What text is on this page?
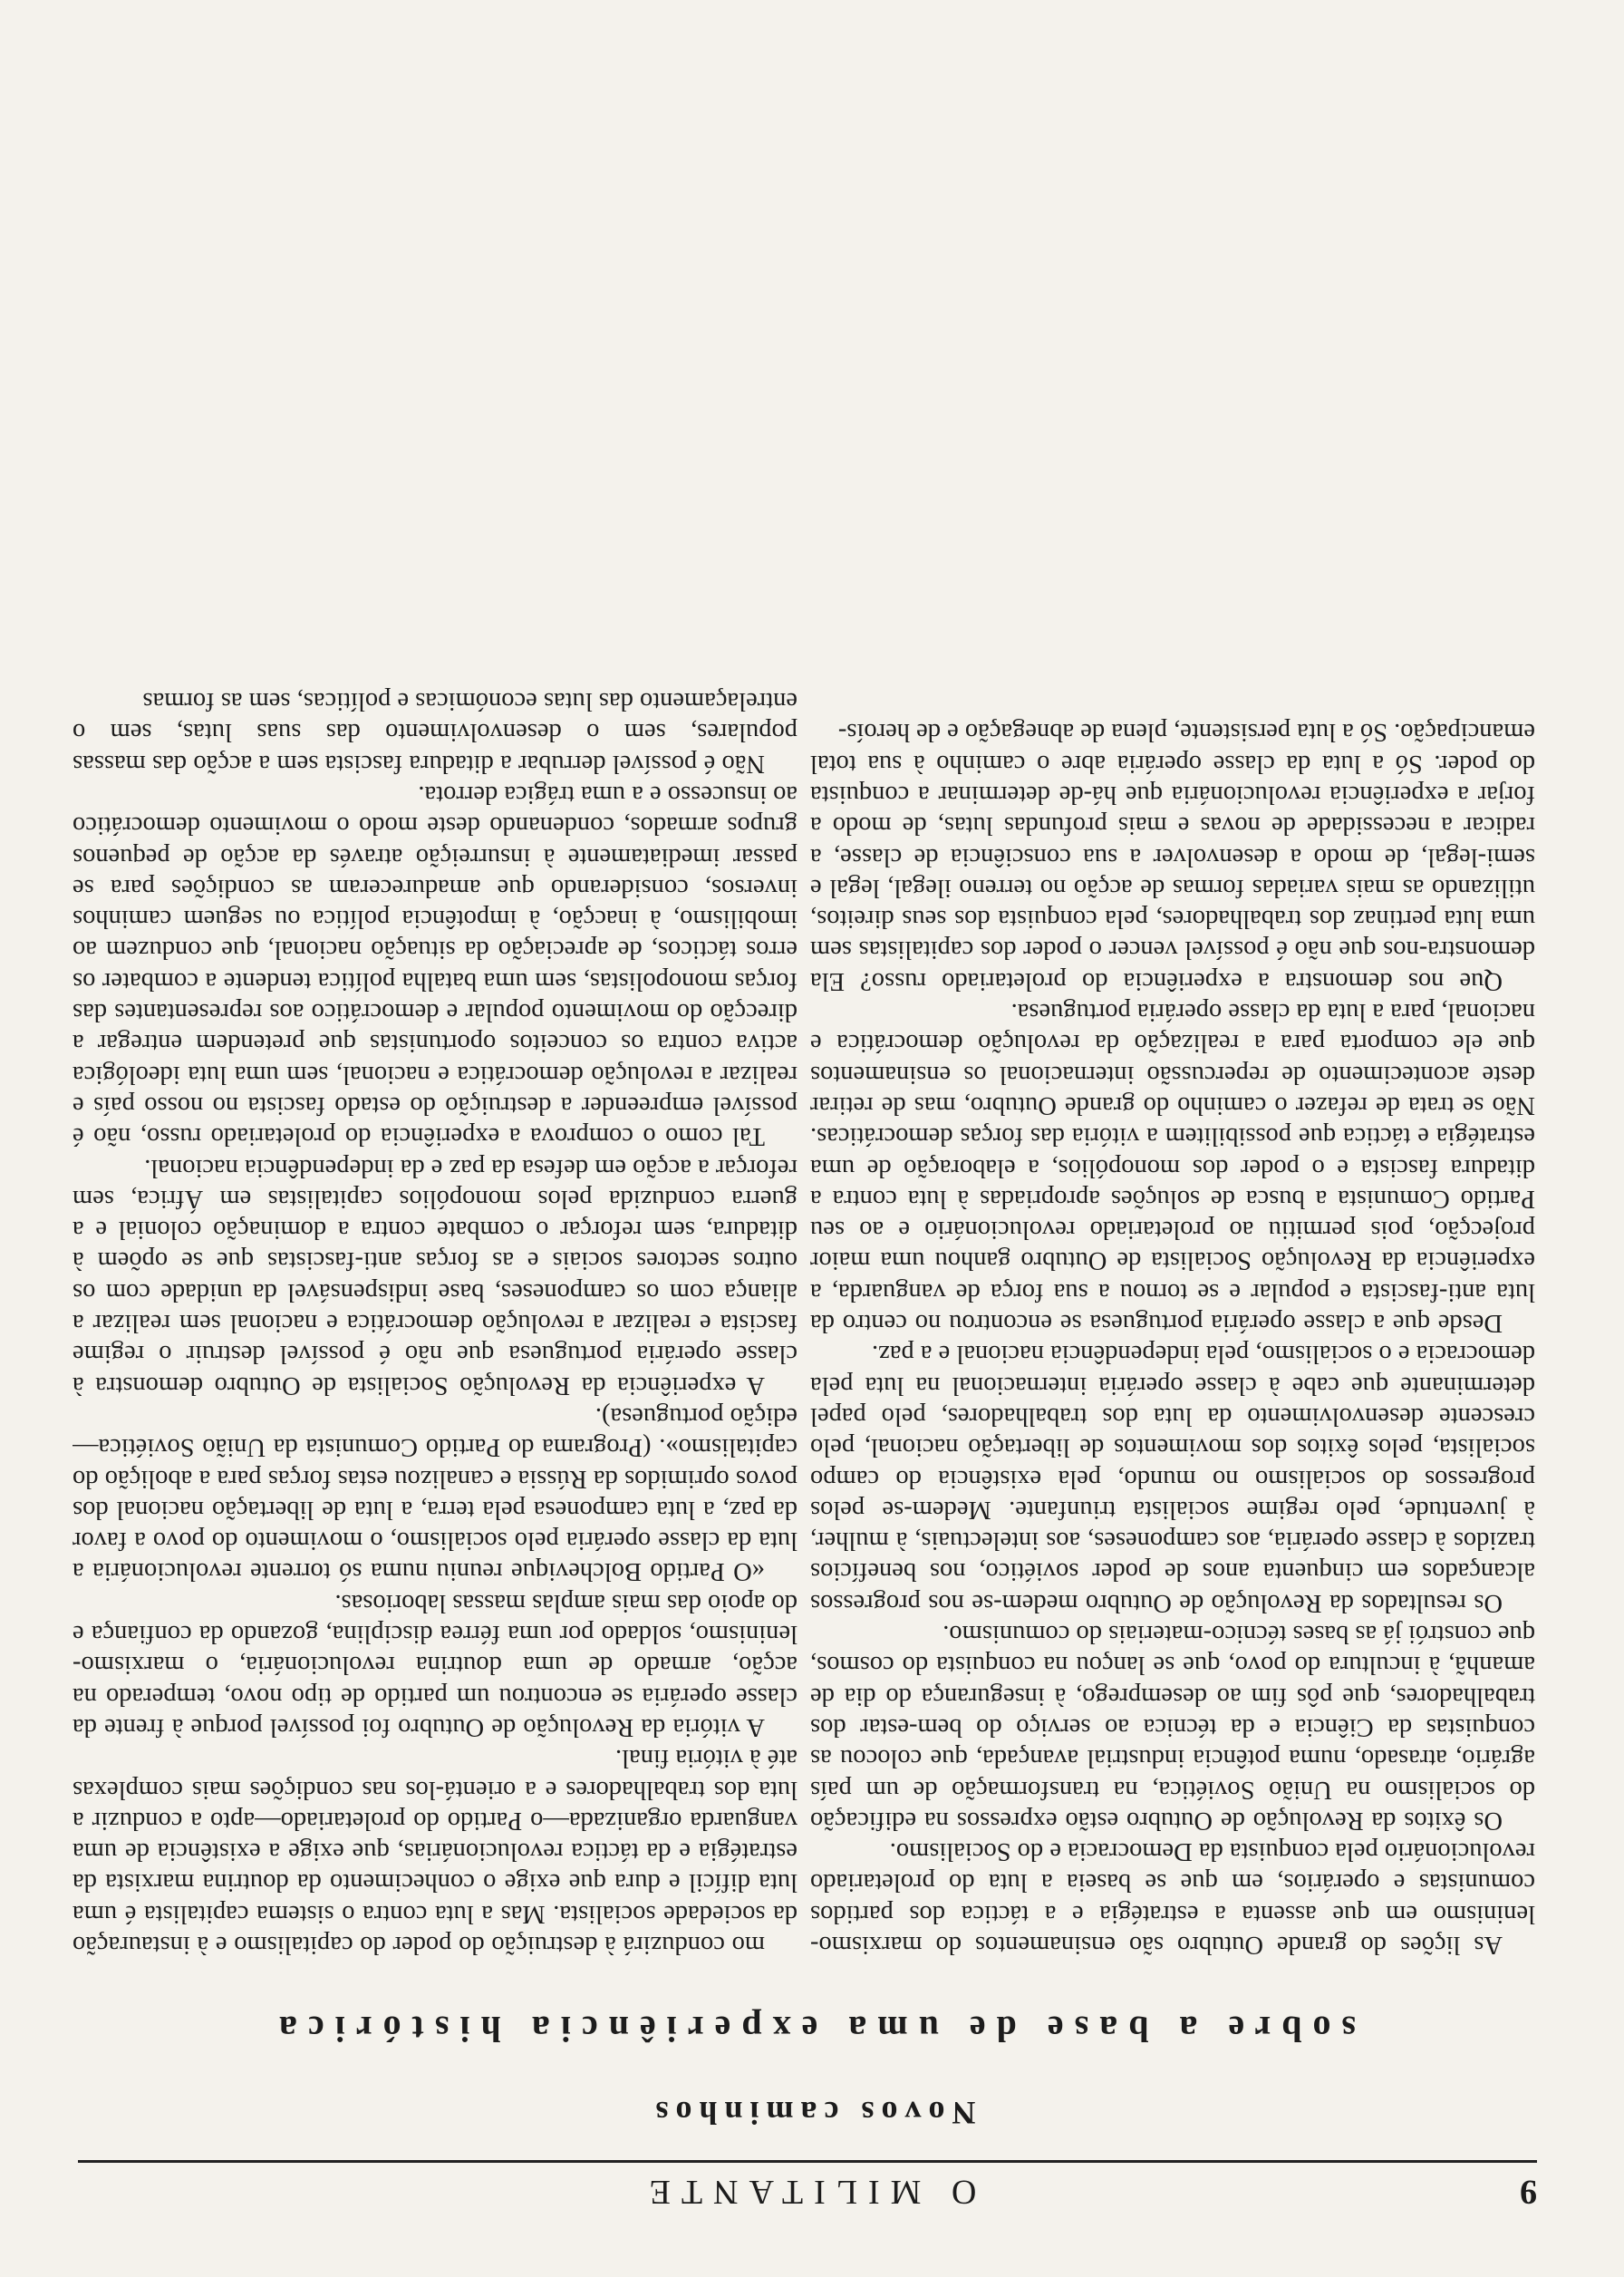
9
O MILITANTE
Novos caminhos
sobre a base de uma experiência histórica

As lições do grande Outubro são ensinamentos do marxismo-leninismo em que assenta a estratégia e a táctica dos partidos comunistas e operários, em que se baseia a luta do proletariado revolucionário pela conquista da Democracia e do Socialismo.

Os êxitos da Revolução de Outubro estão expressos na edificação do socialismo na União Soviética, na transformação de um país agrário, atrasado, numa potência industrial avançada, que colocou as conquistas da Ciência e da técnica ao serviço do bem-estar dos trabalhadores, que pôs fim ao desemprego, à insegurança do dia de amanhã, à incultura do povo, que se lançou na conquista do cosmos, que constrói já as bases técnico-materiais do comunismo.

Os resultados da Revolução de Outubro medem-se nos progressos alcançados em cinquenta anos de poder soviético, nos benefícios trazidos à classe operária, aos camponeses, aos intelectuais, à mulher, à juventude, pelo regime socialista triunfante. Medem-se pelos progressos do socialismo no mundo, pela existência do campo socialista, pelos êxitos dos movimentos de libertação nacional, pelo crescente desenvolvimento da luta dos trabalhadores, pelo papel determinante que cabe à classe operária internacional na luta pela democracia e o socialismo, pela independência nacional e a paz.

Desde que a classe operária portuguesa se encontrou no centro da luta anti-fascista e popular e se tornou a sua força de vanguarda, a experiência da Revolução Socialista de Outubro ganhou uma maior projecção, pois permitiu ao proletariado revolucionário e ao seu Partido Comunista a busca de soluções apropriadas à luta contra a ditadura fascista e o poder dos monopólios, a elaboração de uma estratégia e táctica que possibilitem a vitória das forças democráticas. Não se trata de refazer o caminho do grande Outubro, mas de retirar deste acontecimento de repercussão internacional os ensinamentos que ele comporta para a realização da revolução democrática e nacional, para a luta da classe operária portuguesa.

Que nos demonstra a experiência do proletariado russo? Ela demonstra-nos que não é possível vencer o poder dos capitalistas sem uma luta pertinaz dos trabalhadores, pela conquista dos seus direitos, utilizando as mais variadas formas de acção no terreno ilegal, legal e semi-legal, de modo a desenvolver a sua consciência de classe, a radicar a necessidade de novas e mais profundas lutas, de modo a forjar a experiência revolucionária que há-de determinar a conquista do poder. Só a luta da classe operária abre o caminho à sua total emancipação. Só a luta persistente, plena de abnegação e de heroís-

mo conduzirá à destruição do poder do capitalismo e à instauração da sociedade socialista. Mas a luta contra o sistema capitalista é uma luta difícil e dura que exige o conhecimento da doutrina marxista da estratégia e da táctica revolucionárias, que exige a existência de uma vanguarda organizada—o Partido do proletariado—apto a conduzir a luta dos trabalhadores e a orientá-los nas condições mais complexas até à vitória final.

A vitória da Revolução de Outubro foi possível porque à frente da classe operária se encontrou um partido de tipo novo, temperado na acção, armado de uma doutrina revolucionária, o marxismo-leninismo, soldado por uma férrea disciplina, gozando da confiança e do apoio das mais amplas massas laboriosas.

«O Partido Bolchevique reuniu numa só torrente revolucionária a luta da classe operária pelo socialismo, o movimento do povo a favor da paz, a luta camponesa pela terra, a luta de libertação nacional dos povos oprimidos da Rússia e canalizou estas forças para a abolição do capitalismo». (Programa do Partido Comunista da União Soviética—edição portuguesa).

A experiência da Revolução Socialista de Outubro demonstra à classe operária portuguesa que não é possível destruir o regime fascista e realizar a revolução democrática e nacional sem realizar a aliança com os camponeses, base indispensável da unidade com os outros sectores sociais e as forças anti-fascistas que se opõem à ditadura, sem reforçar o combate contra a dominação colonial e a guerra conduzida pelos monopólios capitalistas em África, sem reforçar a acção em defesa da paz e da independência nacional.

Tal como o comprova a experiência do proletariado russo, não é possível empreender a destruição do estado fascista no nosso país e realizar a revolução democrática e nacional, sem uma luta ideológica activa contra os conceitos oportunistas que pretendem entregar a direcção do movimento popular e democrático aos representantes das forças monopolistas, sem uma batalha política tendente a combater os erros tácticos, de apreciação da situação nacional, que conduzem ao imobilismo, à inacção, à impotência política ou seguem caminhos inversos, considerando que amadureceram as condições para se passar imediatamente à insurreição através da acção de pequenos grupos armados, condenando deste modo o movimento democrático ao insucesso e a uma trágica derrota.

Não é possível derrubar a ditadura fascista sem a acção das massas populares, sem o desenvolvimento das suas lutas, sem o entrelaçamento das lutas económicas e políticas, sem as formas
